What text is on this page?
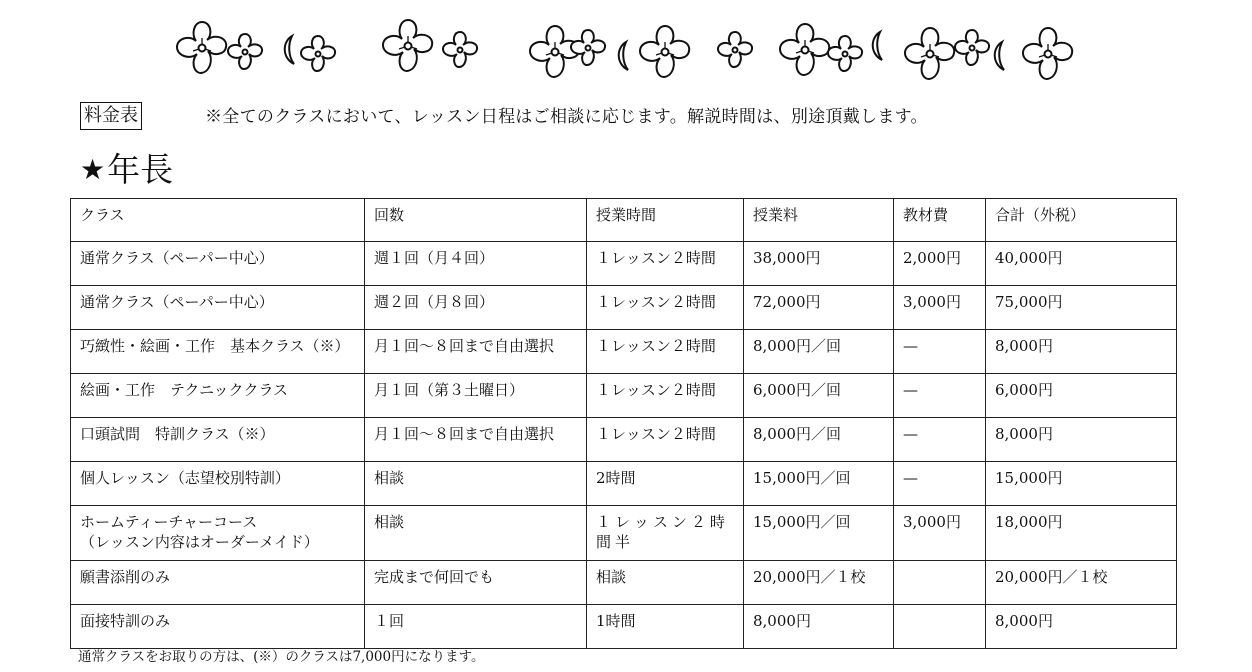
料金表	※全てのクラスにおいて、レッスン日程はご相談に応じます。解説時間は、別途頂戴します。
★ 年長
クラス	回数	授業時間	授業料	教材費	合計（外税）
通常クラス（ペーパー中心）	週１回（月４回）	１レッスン２時間	38,000円	2,000円	40,000円
通常クラス（ペーパー中心）	週２回（月８回）	１レッスン２時間	72,000円	3,000円	75,000円
巧緻性・絵画・工作　基本クラス（※）	月１回～８回まで自由選択	１レッスン２時間	8,000円／回	—	8,000円
絵画・工作　テクニッククラス	月１回（第３土曜日）	１レッスン２時間	6,000円／回	—	6,000円
口頭試問　特訓クラス（※）	月１回～８回まで自由選択	１レッスン２時間	8,000円／回	—	8,000円
個人レッスン（志望校別特訓）	相談	2時間	15,000円／回	—	15,000円

ホームティーチャーコース
（レッスン内容はオーダーメイド）	相談	１レッスン２時間半	15,000円／回	3,000円	18,000円
願書添削のみ	完成まで何回でも	相談	20,000円／１校		20,000円／１校
面接特訓のみ	１回	1時間	8,000円		8,000円
通常クラスをお取りの方は、(※）のクラスは7,000円になります。
